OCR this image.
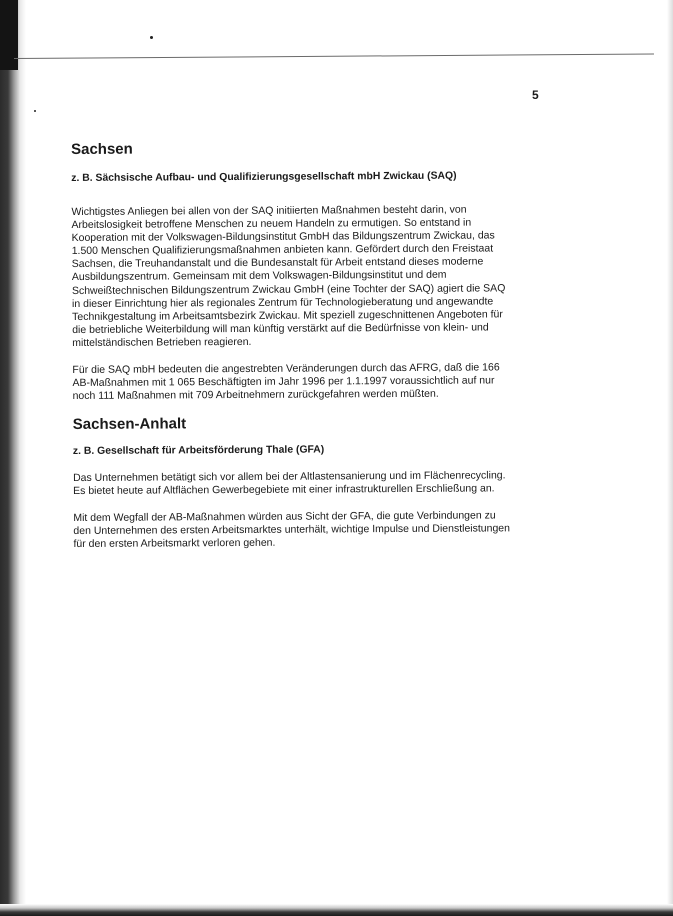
5
Sachsen
z. B. Sächsische Aufbau- und Qualifizierungsgesellschaft mbH Zwickau (SAQ)

Wichtigstes Anliegen bei allen von der SAQ initiierten Maßnahmen besteht darin, von
Arbeitslosigkeit betroffene Menschen zu neuem Handeln zu ermutigen. So entstand in
Kooperation mit der Volkswagen-Bildungsinstitut GmbH das Bildungszentrum Zwickau, das
1.500 Menschen Qualifizierungsmaßnahmen anbieten kann. Gefördert durch den Freistaat
Sachsen, die Treuhandanstalt und die Bundesanstalt für Arbeit entstand dieses moderne
Ausbildungszentrum. Gemeinsam mit dem Volkswagen-Bildungsinstitut und dem
Schweißtechnischen Bildungszentrum Zwickau GmbH (eine Tochter der SAQ) agiert die SAQ
in dieser Einrichtung hier als regionales Zentrum für Technologieberatung und angewandte
Technikgestaltung im Arbeitsamtsbezirk Zwickau. Mit speziell zugeschnittenen Angeboten für
die betriebliche Weiterbildung will man künftig verstärkt auf die Bedürfnisse von klein- und
mittelständischen Betrieben reagieren.

Für die SAQ mbH bedeuten die angestrebten Veränderungen durch das AFRG, daß die 166
AB-Maßnahmen mit 1 065 Beschäftigten im Jahr 1996 per 1.1.1997 voraussichtlich auf nur
noch 111 Maßnahmen mit 709 Arbeitnehmern zurückgefahren werden müßten.

Sachsen-Anhalt
z. B. Gesellschaft für Arbeitsförderung Thale (GFA)

Das Unternehmen betätigt sich vor allem bei der Altlastensanierung und im Flächenrecycling.
Es bietet heute auf Altflächen Gewerbegebiete mit einer infrastrukturellen Erschließung an.

Mit dem Wegfall der AB-Maßnahmen würden aus Sicht der GFA, die gute Verbindungen zu
den Unternehmen des ersten Arbeitsmarktes unterhält, wichtige Impulse und Dienstleistungen
für den ersten Arbeitsmarkt verloren gehen.
